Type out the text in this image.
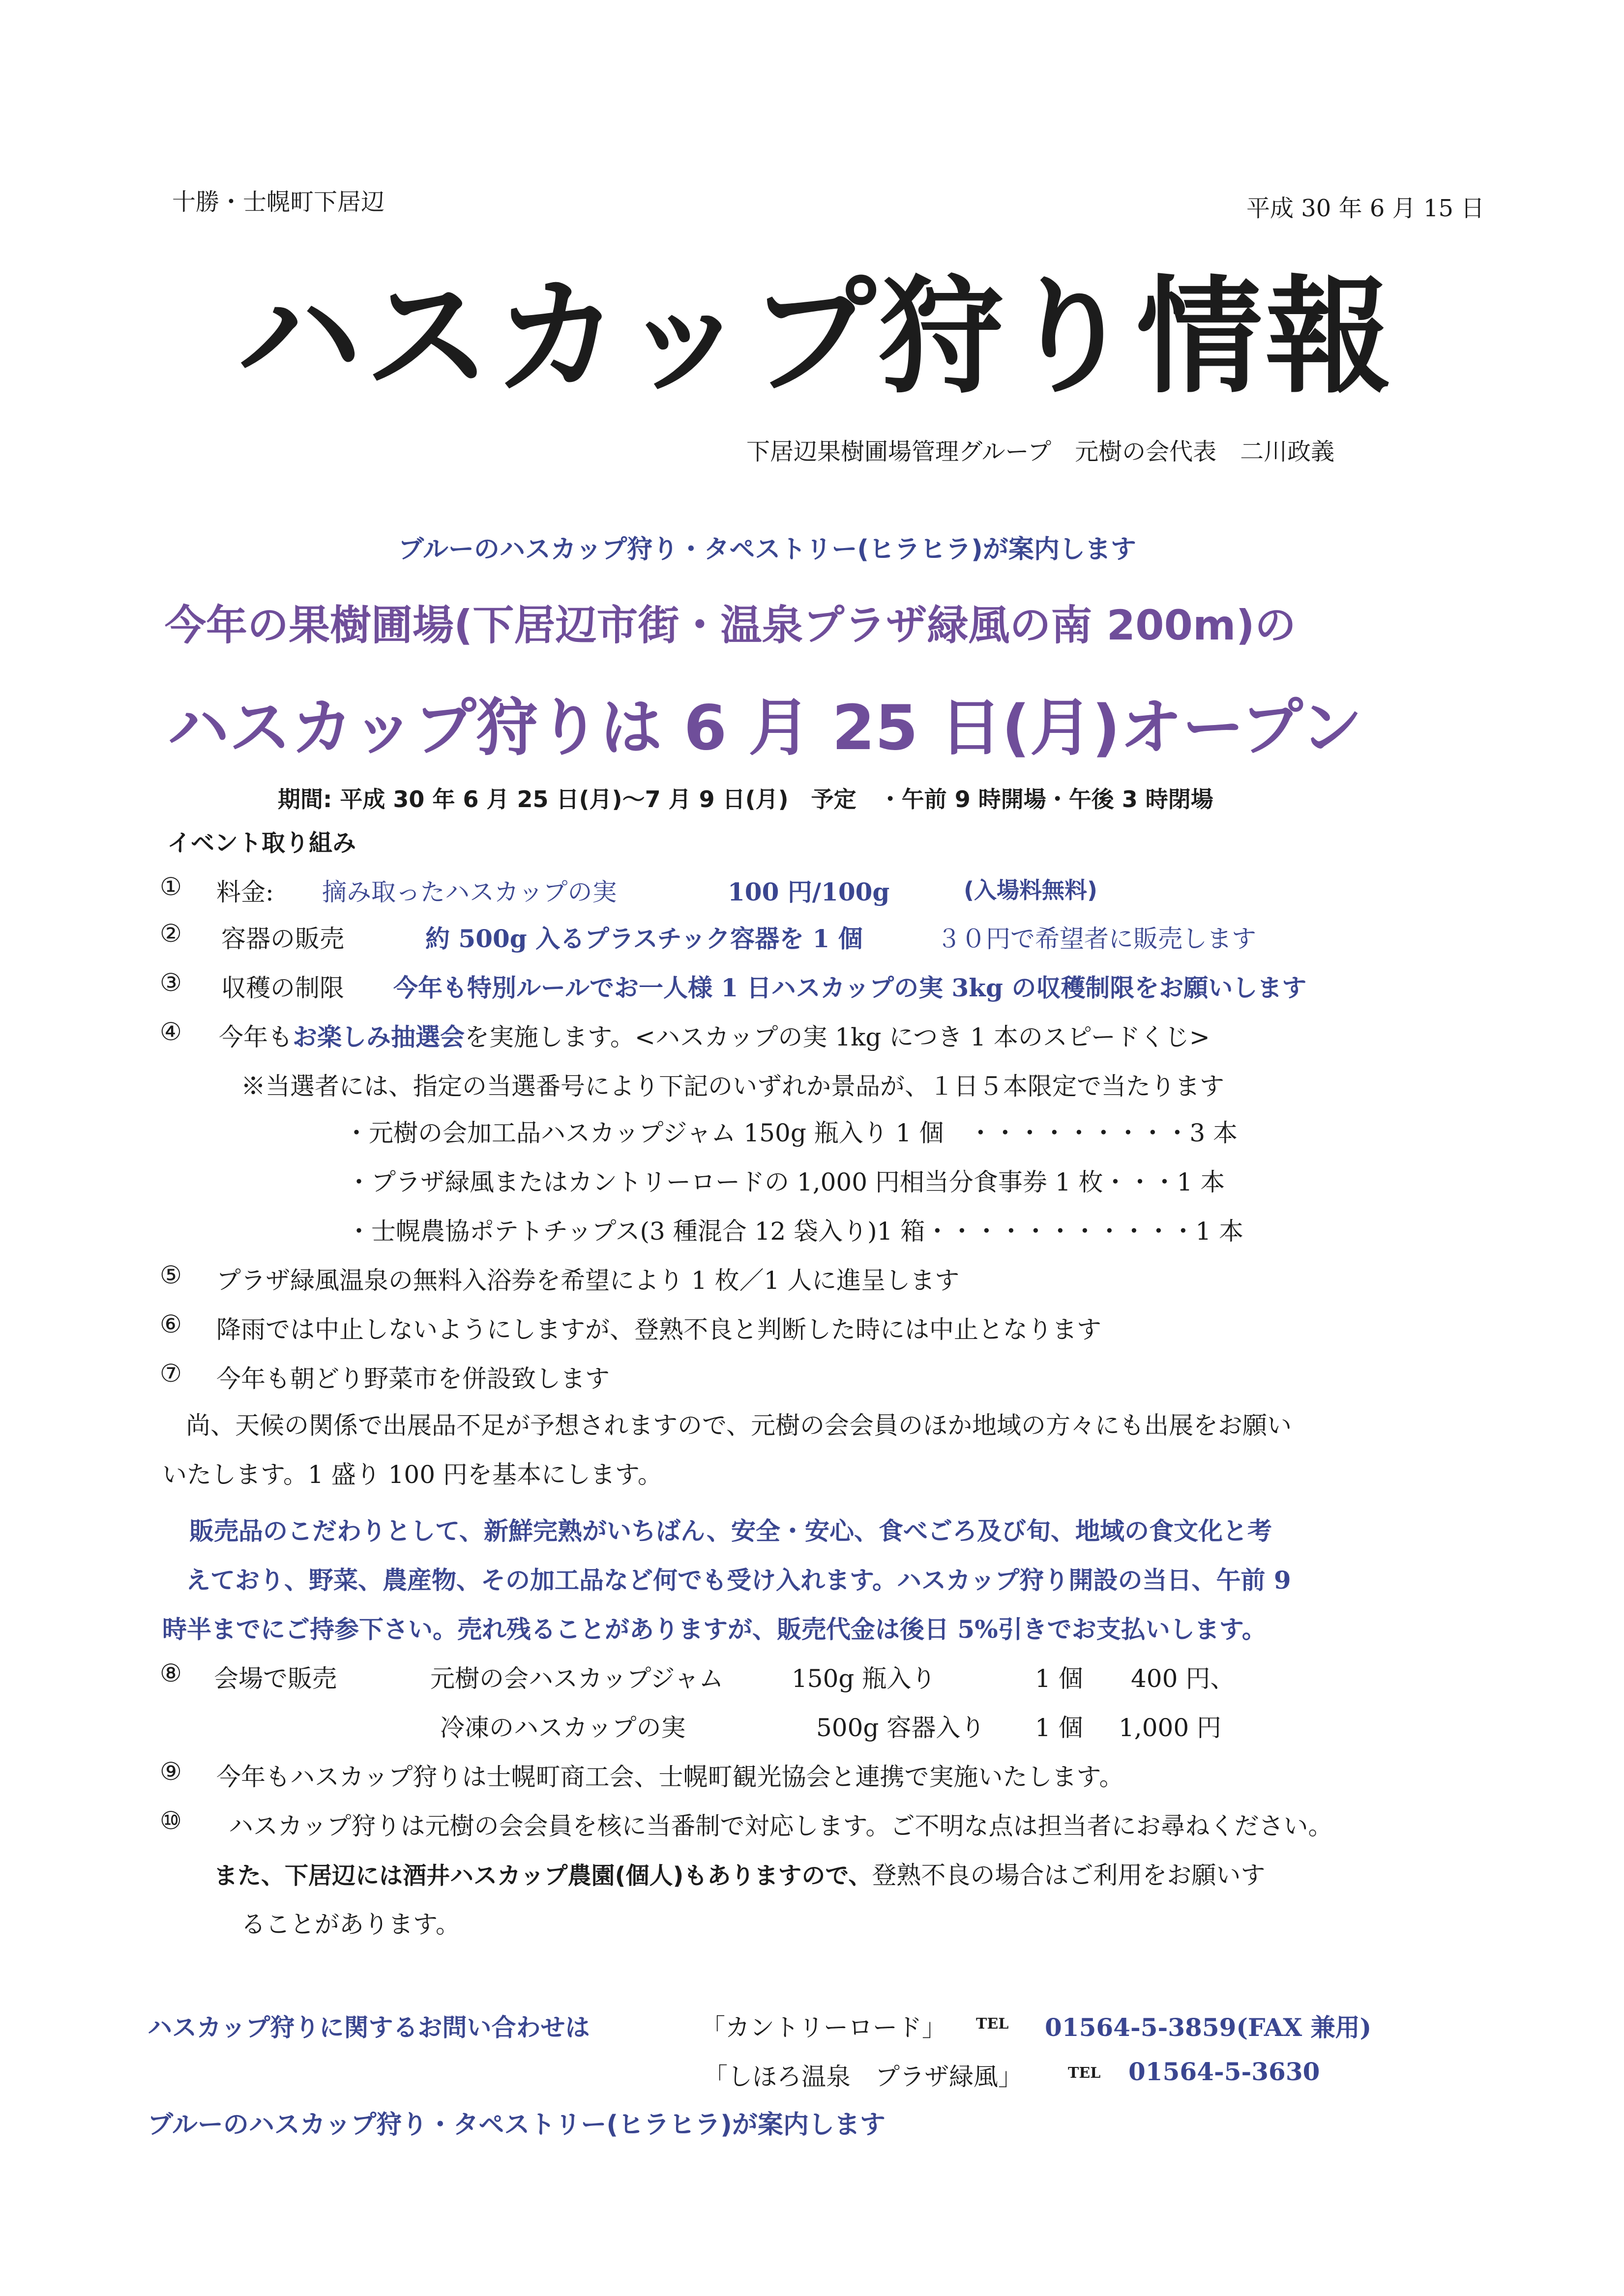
十勝・士幌町下居辺	平成 30 年 6 月 15 日
ハスカップ狩り情報
下居辺果樹圃場管理グループ　元樹の会代表　二川政義
ブルーのハスカップ狩り・タペストリー(ヒラヒラ)が案内します
今年の果樹圃場(下居辺市街・温泉プラザ緑風の南 200m)の
ハスカップ狩りは 6 月 25 日(月)オープン
期間: 平成 30 年 6 月 25 日(月)～7 月 9 日(月)　予定　・午前 9 時開場・午後 3 時閉場
イベント取り組み
① 料金: 摘み取ったハスカップの実	100 円/100g	(入場料無料)
② 容器の販売	約 500g 入るプラスチック容器を 1 個	３０円で希望者に販売します
③ 収穫の制限 今年も特別ルールでお一人様 1 日ハスカップの実 3kg の収穫制限をお願いします
④ 今年もお楽しみ抽選会を実施します。<ハスカップの実 1kg につき 1 本のスピードくじ>
※当選者には、指定の当選番号により下記のいずれか景品が、１日５本限定で当たります
・元樹の会加工品ハスカップジャム 150g 瓶入り 1 個　・・・・・・・・・3 本
・プラザ緑風またはカントリーロードの 1,000 円相当分食事券 1 枚・・・1 本
・士幌農協ポテトチップス(3 種混合 12 袋入り)1 箱・・・・・・・・・・・1 本
⑤ プラザ緑風温泉の無料入浴券を希望により 1 枚／1 人に進呈します
⑥ 降雨では中止しないようにしますが、登熟不良と判断した時には中止となります
⑦ 今年も朝どり野菜市を併設致します
尚、天候の関係で出展品不足が予想されますので、元樹の会会員のほか地域の方々にも出展をお願い
いたします。1 盛り 100 円を基本にします。
販売品のこだわりとして、新鮮完熟がいちばん、安全・安心、食べごろ及び旬、地域の食文化と考
えており、野菜、農産物、その加工品など何でも受け入れます。ハスカップ狩り開設の当日、午前 9
時半までにご持参下さい。売れ残ることがありますが、販売代金は後日 5%引きでお支払いします。
⑧ 会場で販売	元樹の会ハスカップジャム	150g 瓶入り	1 個 400 円、
冷凍のハスカップの実	500g 容器入り 1 個 1,000 円
⑨ 今年もハスカップ狩りは士幌町商工会、士幌町観光協会と連携で実施いたします。
⑩ ハスカップ狩りは元樹の会会員を核に当番制で対応します。ご不明な点は担当者にお尋ねください。
また、下居辺には酒井ハスカップ農園(個人)もありますので、登熟不良の場合はご利用をお願いす
ることがあります。
ハスカップ狩りに関するお問い合わせは	「カントリーロード」 TEL 01564-5-3859(FAX 兼用)
「しほろ温泉　プラザ緑風」	TEL 01564-5-3630
ブルーのハスカップ狩り・タペストリー(ヒラヒラ)が案内します
